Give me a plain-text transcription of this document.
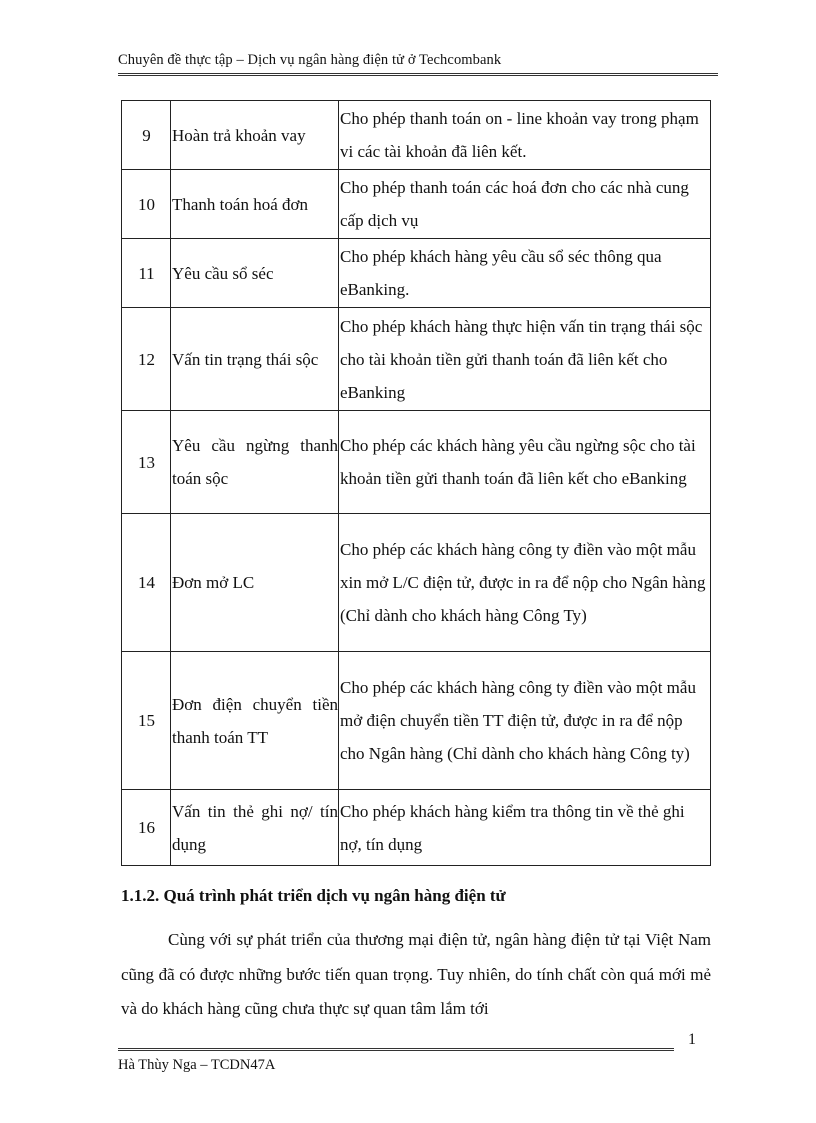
Chuyên đề thực tập – Dịch vụ ngân hàng điện tử ở Techcombank
9	Hoàn trả khoản vay	Cho phép thanh toán on - line khoản vay trong phạm vi các tài khoản đã liên kết.
10	Thanh toán hoá đơn	Cho phép thanh toán các hoá đơn cho các nhà cung cấp dịch vụ
11	Yêu cầu sổ séc	Cho phép khách hàng yêu cầu sổ séc thông qua eBanking.
12	Vấn tin trạng thái sộc	Cho phép khách hàng thực hiện vấn tin trạng thái sộc cho tài khoản tiền gửi thanh toán đã liên kết cho eBanking
13	Yêu cầu ngừng thanh toán sộc	Cho phép các khách hàng yêu cầu ngừng sộc cho tài khoản tiền gửi thanh toán đã liên kết cho eBanking
14	Đơn mở LC	Cho phép các khách hàng công ty điền vào một mẫu xin mở L/C điện tử, được in ra để nộp cho Ngân hàng (Chỉ dành cho khách hàng Công Ty)
15	Đơn điện chuyển tiền thanh toán TT	Cho phép các khách hàng công ty điền vào một mẫu mở điện chuyển tiền TT điện tử, được in ra để nộp cho Ngân hàng (Chỉ dành cho khách hàng Công ty)
16	Vấn tin thẻ ghi nợ/ tín dụng	Cho phép khách hàng kiểm tra thông tin về thẻ ghi nợ, tín dụng
1.1.2. Quá trình phát triển dịch vụ ngân hàng điện tử

Cùng với sự phát triển của thương mại điện tử, ngân hàng điện tử tại Việt Nam cũng đã có được những bước tiến quan trọng. Tuy nhiên, do tính chất còn quá mới mẻ và do khách hàng cũng chưa thực sự quan tâm lắm tới

1
Hà Thùy Nga – TCDN47A
